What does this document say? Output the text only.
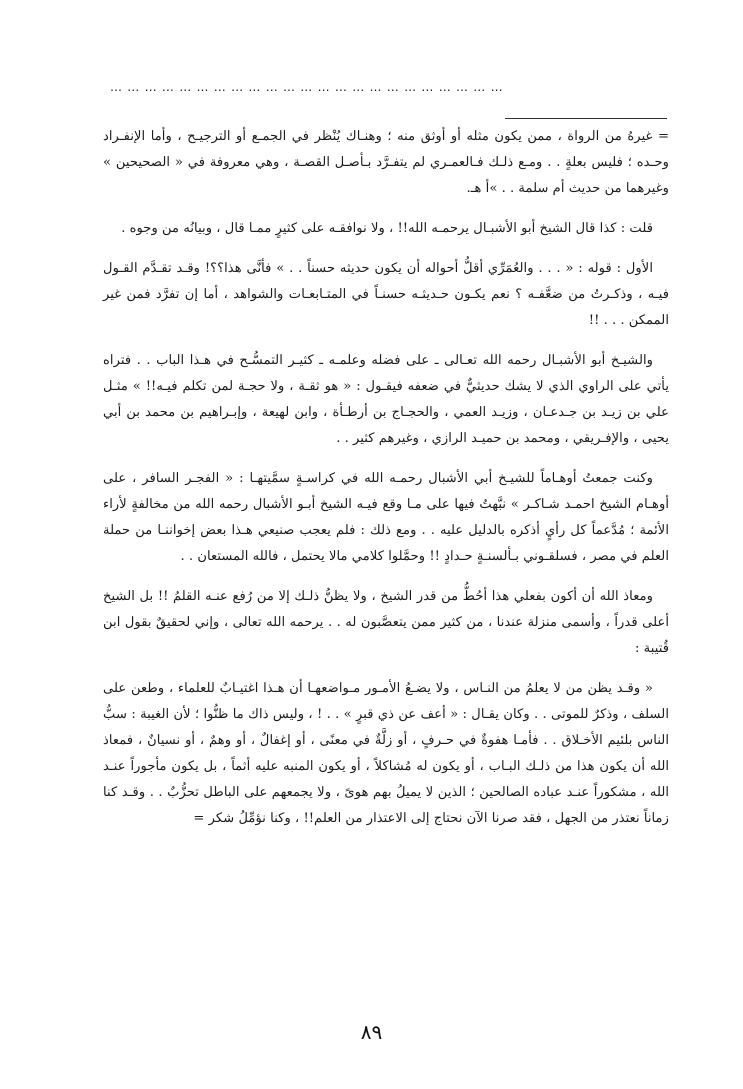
……………………………………………………………

= غيرهُ من الرواة ، ممن يكون مثله أو أوثق منه ؛ وهنـاك يُنْظر في الجمـع أو الترجيـح ، وأما الإنفـراد وحـده ؛ فليس بعلةٍ . . ومـع ذلـك فـالعمـري لم يتفـرَّد بـأصـل القصـة ، وهي معروفة في « الصحيحين » وغيرهما من حديث أم سلمة . . »أ هـ.

قلت : كذا قال الشيخ أبو الأشبـال يرحمـه الله!! ، ولا نوافقـه على كثيرٍ ممـا قال ، وبيانُه من وجوه .

الأول : قوله : « . . . والعُمَرِّي أقلُّ أحواله أن يكون حديثه حسناً . . » فأنَّى هذا؟؟! وقـد تقـدَّم القـول فيـه ، وذكـرتُ من ضعَّفـه ؟ نعم يكـون حـديثـه حسنـاً في المتـابعـات والشواهد ، أما إن تفرَّد فمن غير الممكن . . . !!

والشيـخ أبو الأشبـال رحمه الله تعـالى ـ على فضله وعلمـه ـ كثيـر التمسُّـح في هـذا الباب . . فتراه يأتي على الراوي الذي لا يشك حديثيٌّ في ضعفه فيقـول : « هو ثقـة ، ولا حجـة لمن تكلم فيـه!! » مثـل علي بن زيـد بن جـدعـان ، وزيـد العمي ، والحجـاج بن أرطـأة ، وابن لهيعة ، وإبـراهيم بن محمد بن أبي يحيى ، والإفـريقي ، ومحمد بن حميـد الرازي ، وغيرهم كثير . .

وكنت جمعتُ أوهـاماً للشيـخ أبي الأشبال رحمـه الله في كراسـةٍ سمَّيتهـا : « الفجـر السافر ، على أوهـام الشيخ احمـد شـاكـر » نبَّهتُ فيها على مـا وقع فيـه الشيخ أبـو الأشبال رحمه الله من مخالفةٍ لأراء الأئمة ؛ مُدَّعماً كل رأيٍ أذكره بالدليل عليه . . ومع ذلك : فلم يعجب صنيعي هـذا بعض إخواننـا من حملة العلم في مصر ، فسلقـوني بـألسنـةٍ حـدادٍ !! وحمَّلوا كلامي مالا يحتمل ، فالله المستعان . .

ومعاذ الله أن أكون بفعلي هذا أحُطُّ من قدر الشيخ ، ولا يظنُّ ذلـك إلا من رُفع عنـه القلمُ !! بل الشيخ أعلى قدراً ، وأسمى منزلة عندنا ، من كثير ممن يتعصَّبون له . . يرحمه الله تعالى ، وإني لحقيقٌ بقول ابن قُتيبة :

« وقـد يظن من لا يعلمُ من النـاس ، ولا يضـعُ الأمـور مـواضعهـا أن هـذا اغتيـابٌ للعلماء ، وطعن على السلف ، وذكرٌ للموتى . . وكان يقـال : « أعف عن ذي قبرٍ » . . ! ، وليس ذاك ما ظنُّوا ؛ لأن الغيبة : سبُّ الناس بلئيم الأخـلاق . . فأمـا هفوةٌ في حـرفٍ ، أو زلَّةٌ في معنًى ، أو إغفالٌ ، أو وهمٌ ، أو نسيانٌ ، فمعاذ الله أن يكون هذا من ذلـك البـاب ، أو يكون له مُشاكلاً ، أو يكون المنبه عليه أثماً ، بل يكون مأجوراً عنـد الله ، مشكوراً عنـد عباده الصالحين ؛ الذين لا يميلُ بهم هوىً ، ولا يجمعهم على الباطل تحزُّبٌ . . وقـد كنا زماناً نعتذر من الجهل ، فقد صرنا الآن نحتاج إلى الاعتذار من العلم!! ، وكنا نؤمِّلُ شكر =

٨٩
